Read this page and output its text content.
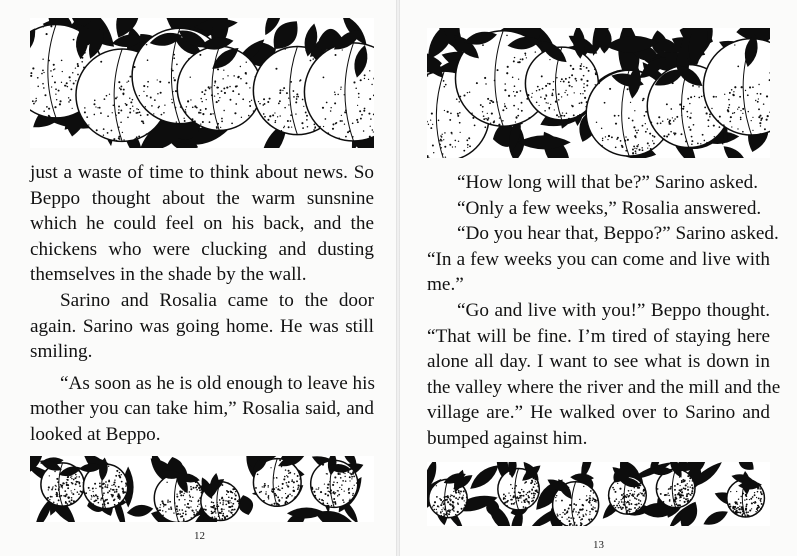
just a waste of time to think about news. So
Beppo thought about the warm sunsnine
which he could feel on his back, and the
chickens who were clucking and dusting
themselves in the shade by the wall.
Sarino and Rosalia came to the door
again. Sarino was going home. He was still
smiling.
“As soon as he is old enough to leave his
mother you can take him,” Rosalia said, and
looked at Beppo.
12
“How long will that be?” Sarino asked.
“Only a few weeks,” Rosalia answered.
“Do you hear that, Beppo?” Sarino asked.
“In a few weeks you can come and live with
me.”
“Go and live with you!” Beppo thought.
“That will be fine. I’m tired of staying here
alone all day. I want to see what is down in
the valley where the river and the mill and the
village are.” He walked over to Sarino and
bumped against him.
13
